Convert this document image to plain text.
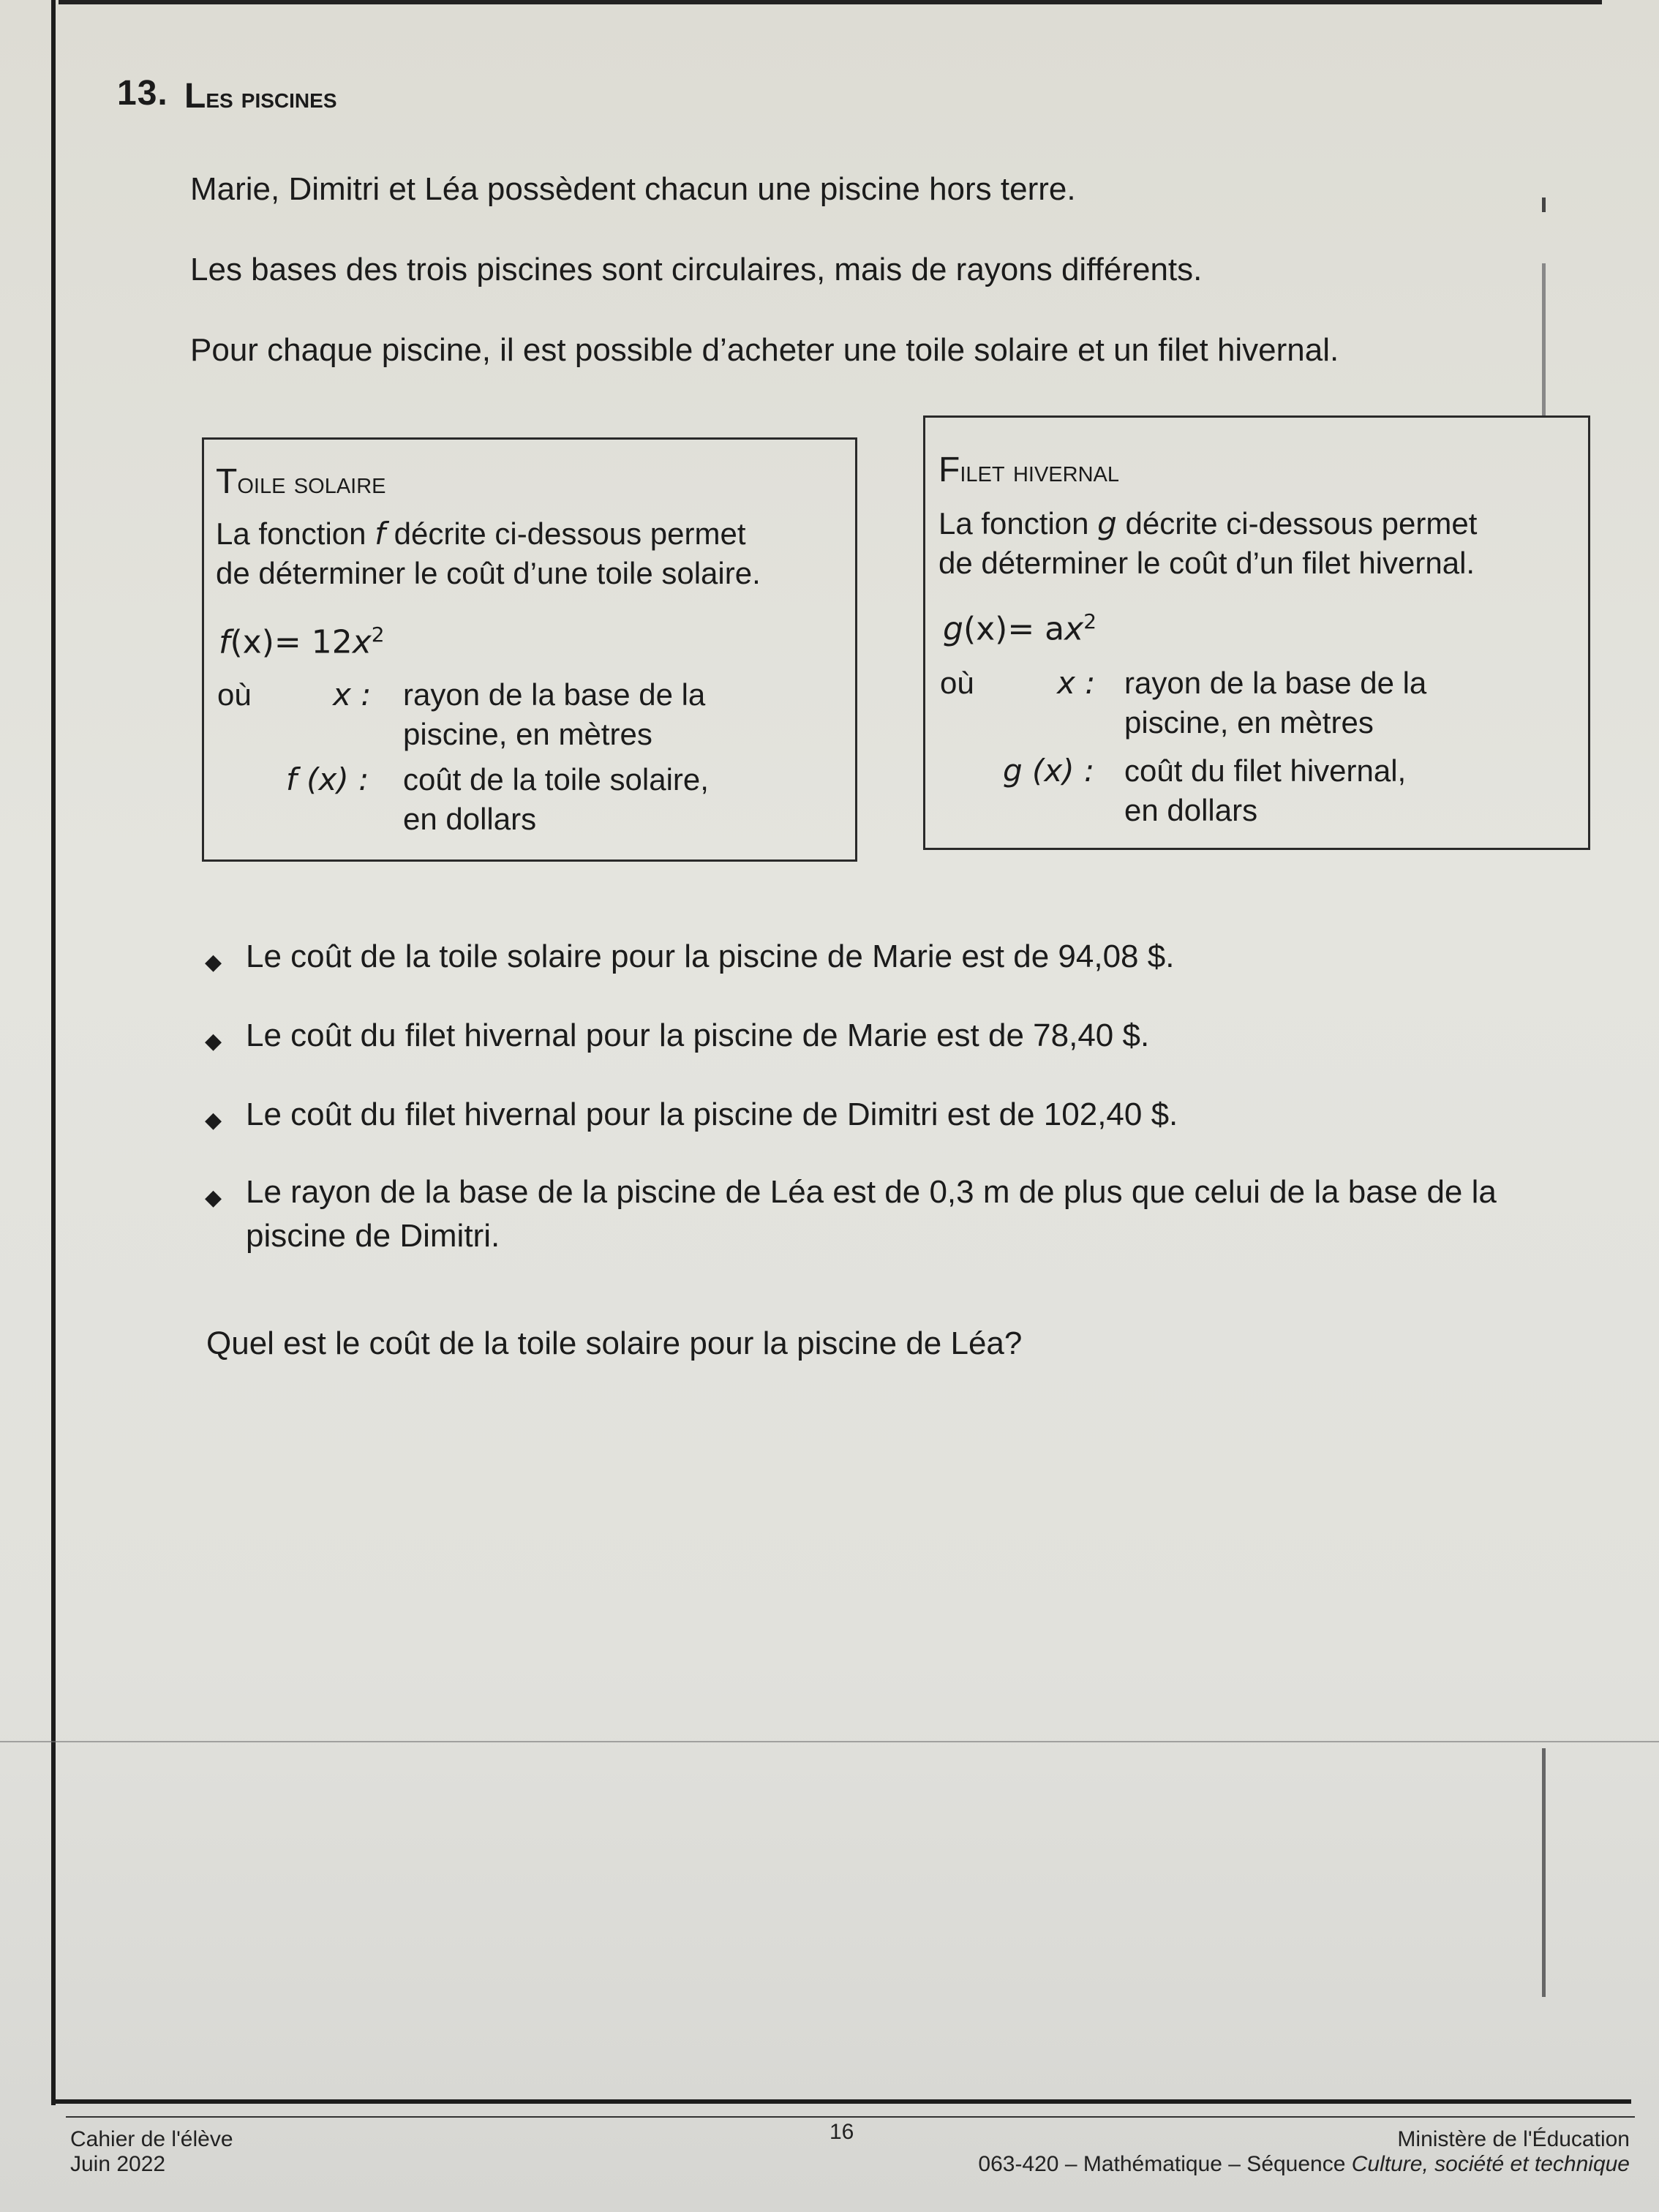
13. Les piscines
Marie, Dimitri et Léa possèdent chacun une piscine hors terre.
Les bases des trois piscines sont circulaires, mais de rayons différents.
Pour chaque piscine, il est possible d’acheter une toile solaire et un filet hivernal.
Toile solaire
La fonction f décrite ci-dessous permet
de déterminer le coût d’une toile solaire.
$f(x)= 12x^2$
où	x : rayon de la base de la
piscine, en mètres
f (x) : coût de la toile solaire,
en dollars
Filet hivernal
La fonction g décrite ci-dessous permet
de déterminer le coût d’un filet hivernal.
$g(x)= ax^2$
où	x : rayon de la base de la
piscine, en mètres
g (x) : coût du filet hivernal,
en dollars
◆ Le coût de la toile solaire pour la piscine de Marie est de 94,08 $.
◆ Le coût du filet hivernal pour la piscine de Marie est de 78,40 $.
◆ Le coût du filet hivernal pour la piscine de Dimitri est de 102,40 $.
◆ Le rayon de la base de la piscine de Léa est de 0,3 m de plus que celui de la base de la piscine de Dimitri.
Quel est le coût de la toile solaire pour la piscine de Léa?
Cahier de l'élève
Juin 2022
16	Ministère de l'Éducation
063-420 – Mathématique – Séquence Culture, société et technique
